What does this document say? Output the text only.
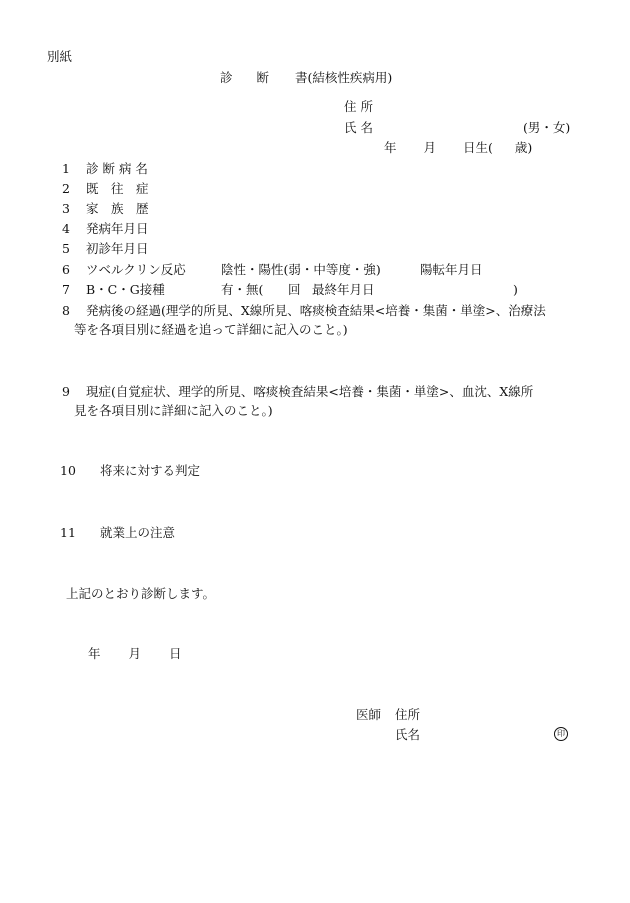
別紙
診 断 書(結核性疾病用)
住 所
氏 名	(男・女)
年 月 日生( 歳)
1 診 断 病 名
2 既　往　症
3 家　族　歴
4 発病年月日
5 初診年月日
6 ツベルクリン反応	陰性・陽性(弱・中等度・強)	陽転年月日
7 B・C・G接種	有・無( 回 最終年月日	)
8 発病後の経過(理学的所見、X線所見、喀痰検査結果<培養・集菌・単塗>、治療法
等を各項目別に経過を追って詳細に記入のこと。)
9 現症(自覚症状、理学的所見、喀痰検査結果<培養・集菌・単塗>、血沈、X線所
見を各項目別に詳細に記入のこと。)
10 将来に対する判定
11 就業上の注意
上記のとおり診断します。
年 月 日
医師 住所
氏名	印
